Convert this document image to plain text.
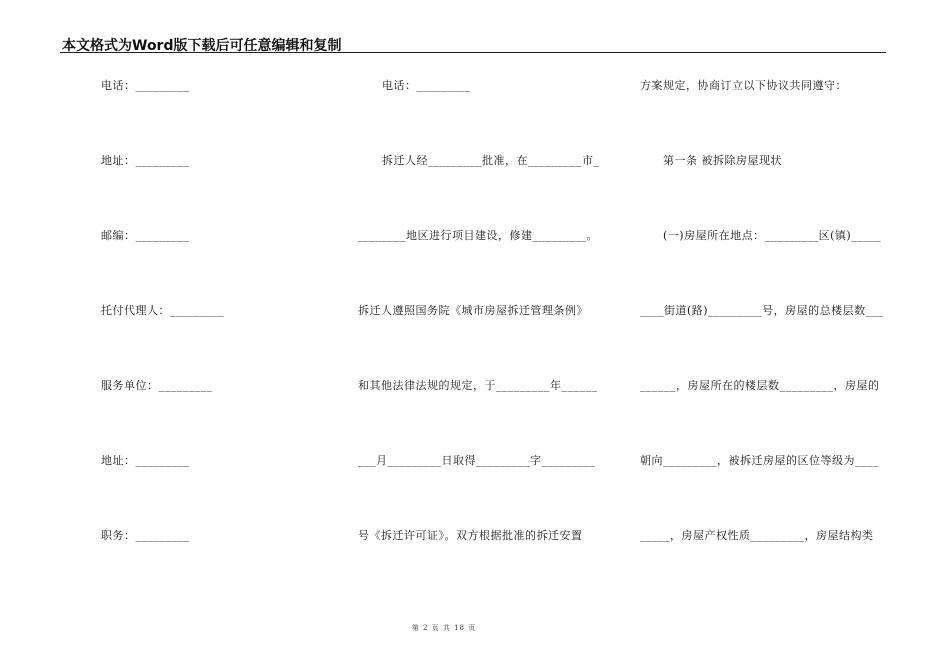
本文格式为Word版下载后可任意编辑和复制
电话：_________
地址：_________
邮编：_________
托付代理人：_________
服务单位：_________
地址：_________
职务：_________
电话：_________
拆迁人经_________批准，在_________市_
________地区进行项目建设，修建_________。
拆迁人遵照国务院《城市房屋拆迁管理条例》
和其他法律法规的规定，于_________年______
___月_________日取得_________字_________
号《拆迁许可证》。双方根据批准的拆迁安置
方案规定，协商订立以下协议共同遵守：
　　第一条 被拆除房屋现状
　　(一)房屋所在地点：_________区(镇)_____
____街道(路)_________号，房屋的总楼层数___
______，房屋所在的楼层数_________，房屋的
朝向_________，被拆迁房屋的区位等级为____
_____，房屋产权性质_________，房屋结构类
第 2 页 共 18 页
